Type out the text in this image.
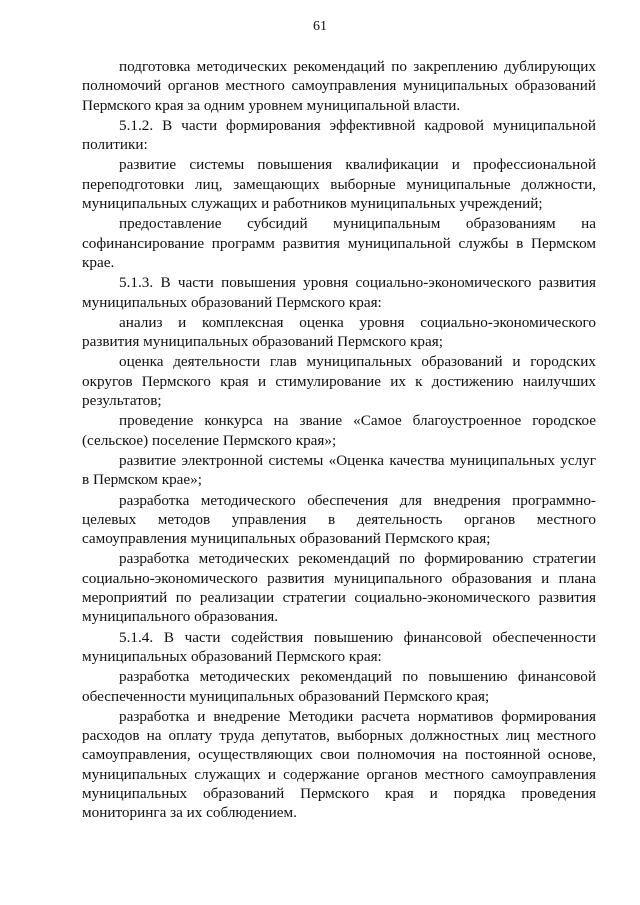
61

подготовка методических рекомендаций по закреплению дублирующих полномочий органов местного самоуправления муниципальных образований Пермского края за одним уровнем муниципальной власти.

5.1.2. В части формирования эффективной кадровой муниципальной политики:

развитие системы повышения квалификации и профессиональной переподготовки лиц, замещающих выборные муниципальные должности, муниципальных служащих и работников муниципальных учреждений;

предоставление субсидий муниципальным образованиям на софинансирование программ развития муниципальной службы в Пермском крае.

5.1.3. В части повышения уровня социально-экономического развития муниципальных образований Пермского края:

анализ и комплексная оценка уровня социально-экономического развития муниципальных образований Пермского края;

оценка деятельности глав муниципальных образований и городских округов Пермского края и стимулирование их к достижению наилучших результатов;

проведение конкурса на звание «Самое благоустроенное городское (сельское) поселение Пермского края»;

развитие электронной системы «Оценка качества муниципальных услуг в Пермском крае»;

разработка методического обеспечения для внедрения программно-целевых методов управления в деятельность органов местного самоуправления муниципальных образований Пермского края;

разработка методических рекомендаций по формированию стратегии социально-экономического развития муниципального образования и плана мероприятий по реализации стратегии социально-экономического развития муниципального образования.

5.1.4. В части содействия повышению финансовой обеспеченности муниципальных образований Пермского края:

разработка методических рекомендаций по повышению финансовой обеспеченности муниципальных образований Пермского края;

разработка и внедрение Методики расчета нормативов формирования расходов на оплату труда депутатов, выборных должностных лиц местного самоуправления, осуществляющих свои полномочия на постоянной основе, муниципальных служащих и содержание органов местного самоуправления муниципальных образований Пермского края и порядка проведения мониторинга за их соблюдением.
